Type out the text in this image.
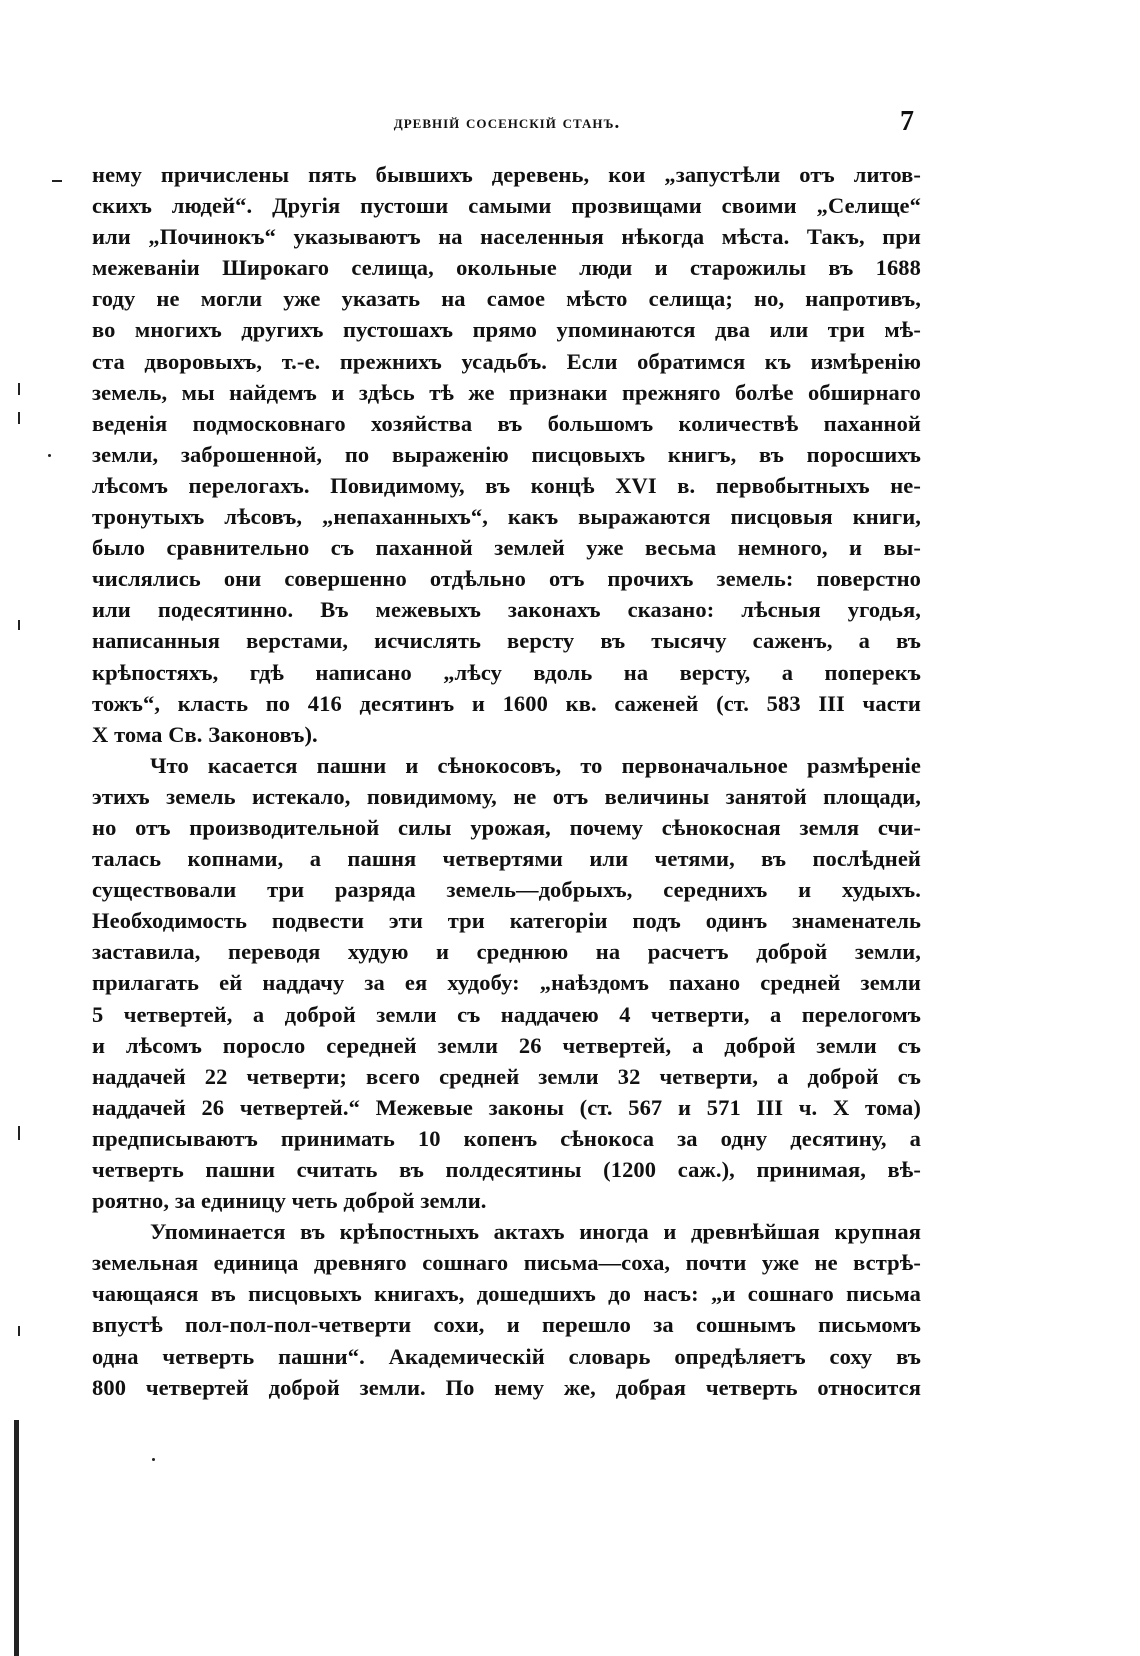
древній сосенскій станъ.	7
нему причислены пять бывшихъ деревень, кои „запустѣли отъ литов-
скихъ людей“. Другія пустоши самыми прозвищами своими „Селище“
или „Починокъ“ указываютъ на населенныя нѣкогда мѣста. Такъ, при
межеваніи Широкаго селища, окольные люди и старожилы въ 1688
году не могли уже указать на самое мѣсто селища; но, напротивъ,
во многихъ другихъ пустошахъ прямо упоминаются два или три мѣ-
ста дворовыхъ, т.-е. прежнихъ усадьбъ. Если обратимся къ измѣренію
земель, мы найдемъ и здѣсь тѣ же признаки прежняго болѣе обширнаго
веденія подмосковнаго хозяйства въ большомъ количествѣ паханной
земли, заброшенной, по выраженію писцовыхъ книгъ, въ поросшихъ
лѣсомъ перелогахъ. Повидимому, въ концѣ XVI в. первобытныхъ не-
тронутыхъ лѣсовъ, „непаханныхъ“, какъ выражаются писцовыя книги,
было сравнительно съ паханной землей уже весьма немного, и вы-
числялись они совершенно отдѣльно отъ прочихъ земель: поверстно
или подесятинно. Въ межевыхъ законахъ сказано: лѣсныя угодья,
написанныя верстами, исчислять версту въ тысячу саженъ, а въ
крѣпостяхъ, гдѣ написано „лѣсу вдоль на версту, а поперекъ
тожъ“, класть по 416 десятинъ и 1600 кв. саженей (ст. 583 III части
X тома Св. Законовъ).
Что касается пашни и сѣнокосовъ, то первоначальное размѣреніе
этихъ земель истекало, повидимому, не отъ величины занятой площади,
но отъ производительной силы урожая, почему сѣнокосная земля счи-
талась копнами, а пашня четвертями или четями, въ послѣдней
существовали три разряда земель—добрыхъ, середнихъ и худыхъ.
Необходимость подвести эти три категоріи подъ одинъ знаменатель
заставила, переводя худую и среднюю на расчетъ доброй земли,
прилагать ей наддачу за ея худобу: „наѣздомъ пахано средней земли
5 четвертей, а доброй земли съ наддачею 4 четверти, а перелогомъ
и лѣсомъ поросло середней земли 26 четвертей, а доброй земли съ
наддачей 22 четверти; всего средней земли 32 четверти, а доброй съ
наддачей 26 четвертей.“ Межевые законы (ст. 567 и 571 III ч. X тома)
предписываютъ принимать 10 копенъ сѣнокоса за одну десятину, а
четверть пашни считать въ полдесятины (1200 саж.), принимая, вѣ-
роятно, за единицу четь доброй земли.
Упоминается въ крѣпостныхъ актахъ иногда и древнѣйшая крупная
земельная единица древняго сошнаго письма—соха, почти уже не встрѣ-
чающаяся въ писцовыхъ книгахъ, дошедшихъ до насъ: „и сошнаго письма
впустѣ пол-пол-пол-четверти сохи, и перешло за сошнымъ письмомъ
одна четверть пашни“. Академическій словарь опредѣляетъ соху въ
800 четвертей доброй земли. По нему же, добрая четверть относится
